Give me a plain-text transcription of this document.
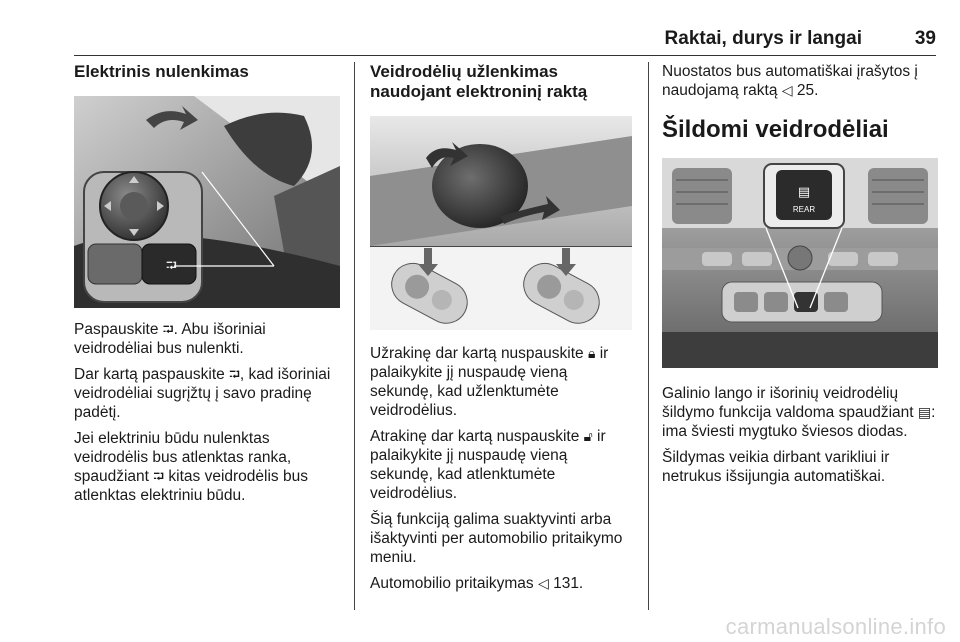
Raktai, durys ir langai	39
Elektrinis nulenkimas
⮒

Paspauskite ⮒. Abu išoriniai veidrodėliai bus nulenkti.

Dar kartą paspauskite ⮒, kad išoriniai veidrodėliai sugrįžtų į savo pradinę padėtį.

Jei elektriniu būdu nulenktas veidrodėlis bus atlenktas ranka, spaudžiant ⮒ kitas veidrodėlis bus atlenktas elektriniu būdu.

Veidrodėlių užlenkimas
naudojant elektroninį raktą

Užrakinę dar kartą nuspauskite 🔒︎ ir palaikykite jį nuspaudę vieną sekundę, kad užlenktumėte veidrodėlius.

Atrakinę dar kartą nuspauskite 🔓︎ ir palaikykite jį nuspaudę vieną sekundę, kad atlenktumėte veidrodėlius.

Šią funkciją galima suaktyvinti arba išaktyvinti per automobilio pritaikymo meniu.

Automobilio pritaikymas ◁ 131.

Nuostatos bus automatiškai įrašytos į naudojamą raktą ◁ 25.

Šildomi veidrodėliai
▤
REAR

Galinio lango ir išorinių veidrodėlių šildymo funkcija valdoma spaudžiant ▤: ima šviesti mygtuko šviesos diodas.

Šildymas veikia dirbant varikliui ir netrukus išsijungia automatiškai.

carmanualsonline.info
